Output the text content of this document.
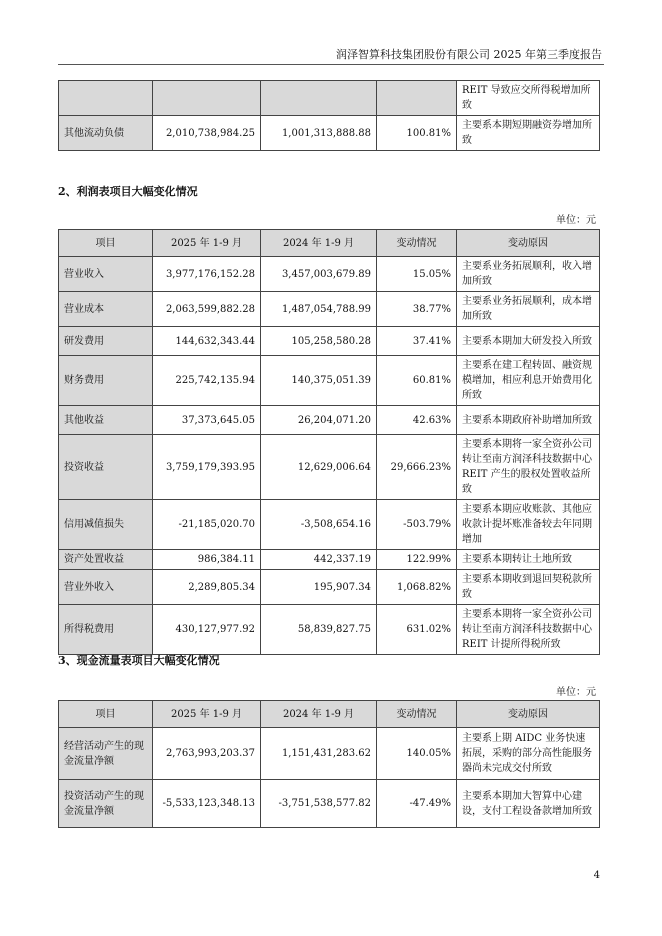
润泽智算科技集团股份有限公司 2025 年第三季度报告
				REIT 导致应交所得税增加所致
其他流动负债	2,010,738,984.25	1,001,313,888.88	100.81%	主要系本期短期融资券增加所致
2、利润表项目大幅变化情况
单位：元
项目	2025 年 1-9 月	2024 年 1-9 月	变动情况	变动原因
营业收入	3,977,176,152.28	3,457,003,679.89	15.05%	主要系业务拓展顺利，收入增加所致
营业成本	2,063,599,882.28	1,487,054,788.99	38.77%	主要系业务拓展顺利，成本增加所致
研发费用	144,632,343.44	105,258,580.28	37.41%	主要系本期加大研发投入所致
财务费用	225,742,135.94	140,375,051.39	60.81%	主要系在建工程转固、融资规模增加，相应利息开始费用化所致
其他收益	37,373,645.05	26,204,071.20	42.63%	主要系本期政府补助增加所致
投资收益	3,759,179,393.95	12,629,006.64	29,666.23%	主要系本期将一家全资孙公司转让至南方润泽科技数据中心 REIT 产生的股权处置收益所致
信用减值损失	-21,185,020.70	-3,508,654.16	-503.79%	主要系本期应收账款、其他应收款计提坏账准备较去年同期增加
资产处置收益	986,384.11	442,337.19	122.99%	主要系本期转让土地所致
营业外收入	2,289,805.34	195,907.34	1,068.82%	主要系本期收到退回契税款所致
所得税费用	430,127,977.92	58,839,827.75	631.02%	主要系本期将一家全资孙公司转让至南方润泽科技数据中心 REIT 计提所得税所致
3、现金流量表项目大幅变化情况
单位：元
项目	2025 年 1-9 月	2024 年 1-9 月	变动情况	变动原因
经营活动产生的现金流量净额	2,763,993,203.37	1,151,431,283.62	140.05%	主要系上期 AIDC 业务快速拓展，采购的部分高性能服务器尚未完成交付所致
投资活动产生的现金流量净额	-5,533,123,348.13	-3,751,538,577.82	-47.49%	主要系本期加大智算中心建设，支付工程设备款增加所致
4
